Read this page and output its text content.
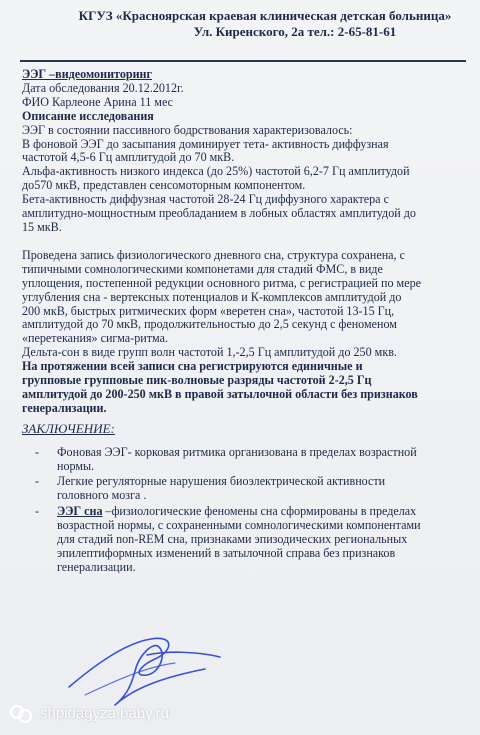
КГУЗ «Красноярская краевая клиническая детская больница»
Ул. Киренского, 2а тел.: 2-65-81-61
ЭЭГ –видеомониторинг
Дата обследования 20.12.2012г.
ФИО Карлеоне Арина 11 мес
Описание исследования
ЭЭГ в состоянии пассивного бодрствования характеризовалось:
В фоновой ЭЭГ до засыпания доминирует тета- активность диффузная
частотой 4,5-6 Гц амплитудой до 70 мкВ.
Альфа-активность низкого индекса (до 25%) частотой 6,2-7 Гц амплитудой
до570 мкВ, представлен сенсомоторным компонентом.
Бета-активность диффузная частотой 28-24 Гц диффузного характера с
амплитудно-мощностным преобладанием в лобных областях амплитудой до
15 мкВ.
Проведена запись физиологического дневного сна, структура сохранена, с
типичными сомнологическими компонетами для стадий ФМС, в виде
уплощения, постепенной редукции основного ритма, с регистрацией по мере
углубления сна - вертексных потенциалов и К-комплексов амплитудой до
200 мкВ, быстрых ритмических форм «веретен сна», частотой 13-15 Гц,
амплитудой до 70 мкВ, продолжительностью до 2,5 секунд с феноменом
«перетекания» сигма-ритма.
Дельта-сон в виде групп волн частотой 1,-2,5 Гц амплитудой до 250 мкв.
На протяжении всей записи сна регистрируются единичные и
групповые групповые пик-волновые разряды частотой 2-2,5 Гц
амплитудой до 200-250 мкВ в правой затылочной области без признаков
генерализации.
ЗАКЛЮЧЕНИЕ:
- Фоновая ЭЭГ- корковая ритмика организована в пределах возрастной
нормы.
- Легкие регуляторные нарушения биоэлектрической активности
головного мозга .
- ЭЭГ сна –физиологические феномены сна сформированы в пределах
возрастной нормы, с сохраненными сомнологическими компонентами
для стадий non-REM сна, признаками эпизодических региональных
эпилептиформных изменений в затылочной справа без признаков
генерализации.
shpidagyza.baby.ru
